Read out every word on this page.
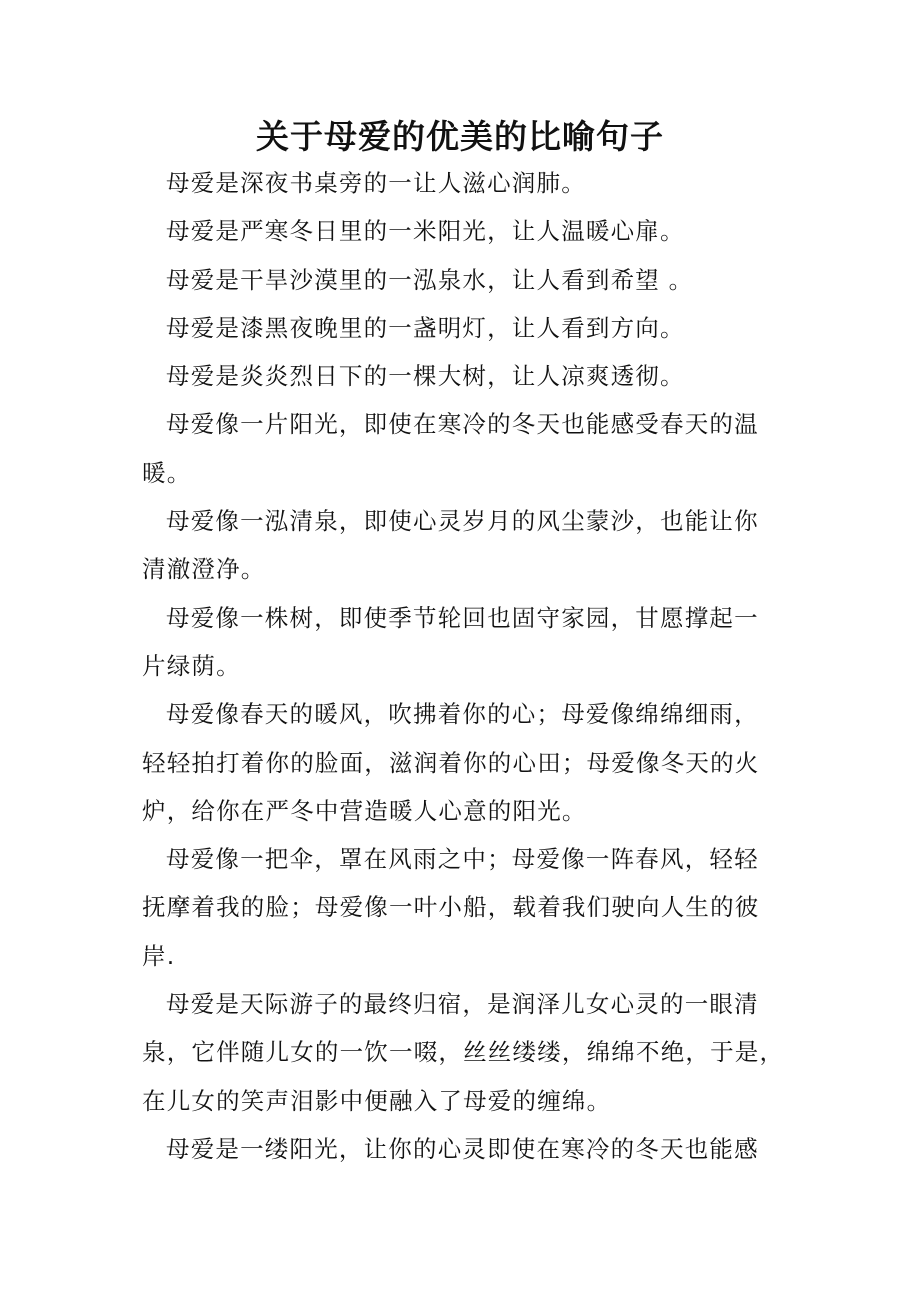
关于母爱的优美的比喻句子
母爱是深夜书桌旁的一让人滋心润肺。
母爱是严寒冬日里的一米阳光，让人温暖心扉。
母爱是干旱沙漠里的一泓泉水，让人看到希望 。
母爱是漆黑夜晚里的一盏明灯，让人看到方向。
母爱是炎炎烈日下的一棵大树，让人凉爽透彻。
母爱像一片阳光，即使在寒冷的冬天也能感受春天的温
暖。
母爱像一泓清泉，即使心灵岁月的风尘蒙沙，也能让你
清澈澄净。
母爱像一株树，即使季节轮回也固守家园，甘愿撑起一
片绿荫。
母爱像春天的暖风，吹拂着你的心；母爱像绵绵细雨，
轻轻拍打着你的脸面，滋润着你的心田；母爱像冬天的火
炉，给你在严冬中营造暖人心意的阳光。
母爱像一把伞，罩在风雨之中；母爱像一阵春风，轻轻
抚摩着我的脸；母爱像一叶小船，载着我们驶向人生的彼
岸.
母爱是天际游子的最终归宿，是润泽儿女心灵的一眼清
泉，它伴随儿女的一饮一啜，丝丝缕缕，绵绵不绝，于是，
在儿女的笑声泪影中便融入了母爱的缠绵。
母爱是一缕阳光，让你的心灵即使在寒冷的冬天也能感
